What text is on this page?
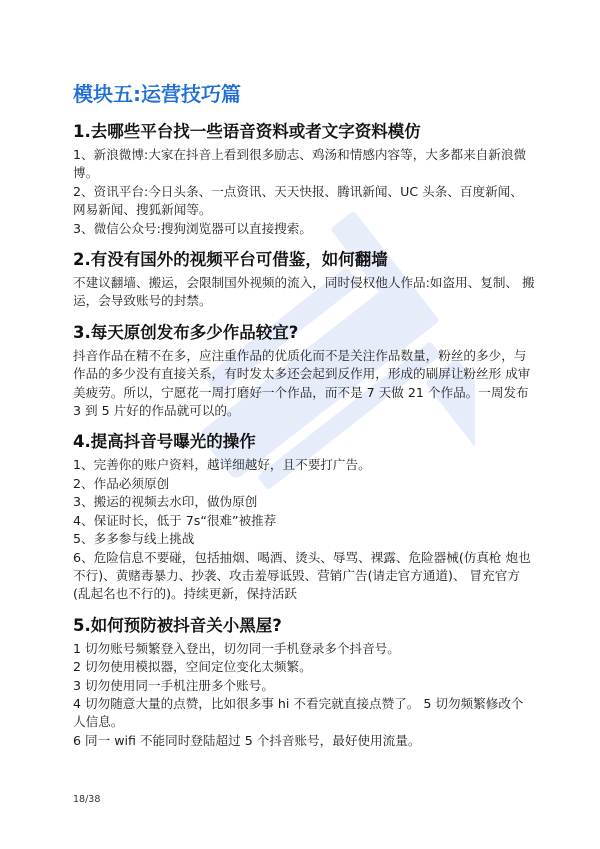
模块五:运营技巧篇
1.去哪些平台找一些语音资料或者文字资料模仿

1、新浪微博:大家在抖音上看到很多励志、鸡汤和情感内容等，大多都来自新浪微博。

2、资讯平台:今日头条、一点资讯、天天快报、腾讯新闻、UC 头条、百度新闻、 网易新闻、搜狐新闻等。

3、微信公众号:搜狗浏览器可以直接搜索。

2.有没有国外的视频平台可借鉴，如何翻墙

不建议翻墙、搬运，会限制国外视频的流入，同时侵权他人作品:如盗用、复制、 搬运，会导致账号的封禁。

3.每天原创发布多少作品较宜?

抖音作品在精不在多，应注重作品的优质化而不是关注作品数量，粉丝的多少，与作品的多少没有直接关系，有时发太多还会起到反作用，形成的刷屏让粉丝形 成审美疲劳。所以，宁愿花一周打磨好一个作品，而不是 7 天做 21 个作品。一周发布 3 到 5 片好的作品就可以的。

4.提高抖音号曝光的操作

1、完善你的账户资料，越详细越好，且不要打广告。

2、作品必须原创

3、搬运的视频去水印，做伪原创

4、保证时长，低于 7s“很难”被推荐

5、多多参与线上挑战

6、危险信息不要碰，包括抽烟、喝酒、烫头、辱骂、裸露、危险器械(仿真枪 炮也不行)、黄赌毒暴力、抄袭、攻击羞辱诋毁、营销广告(请走官方通道)、 冒充官方(乱起名也不行的)。持续更新，保持活跃

5.如何预防被抖音关小黑屋?

1 切勿账号频繁登入登出，切勿同一手机登录多个抖音号。

2 切勿使用模拟器，空间定位变化太频繁。

3 切勿使用同一手机注册多个账号。

4 切勿随意大量的点赞，比如很多事 hi 不看完就直接点赞了。 5 切勿频繁修改个人信息。

6 同一 wifi 不能同时登陆超过 5 个抖音账号，最好使用流量。

18/38
